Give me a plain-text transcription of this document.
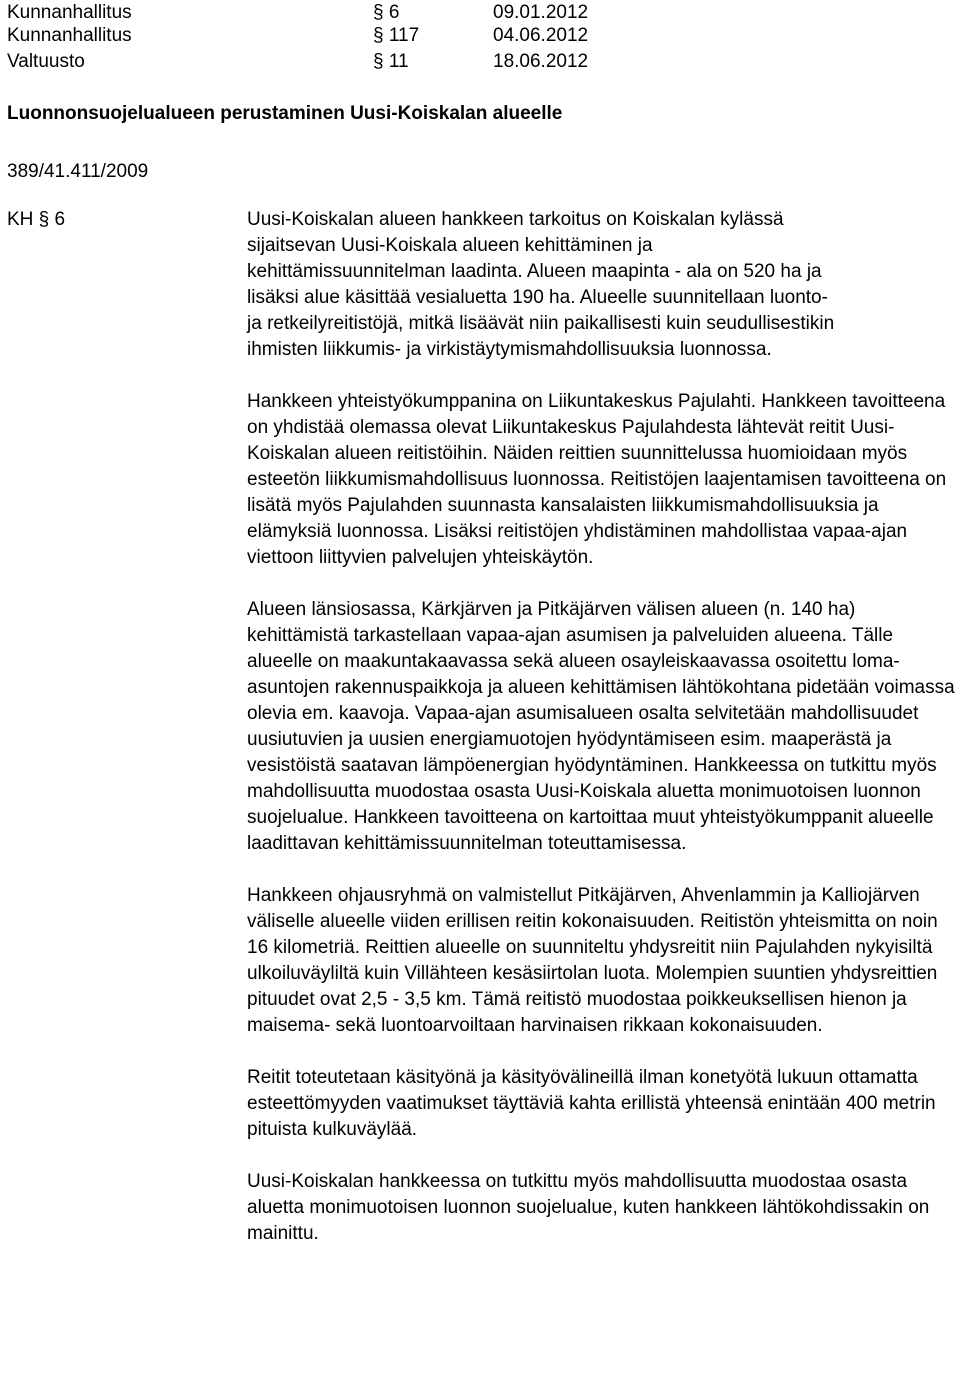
Kunnanhallitus	§ 6	09.01.2012
Kunnanhallitus	§ 117	04.06.2012
Valtuusto	§ 11	18.06.2012
Luonnonsuojelualueen perustaminen Uusi-Koiskalan alueelle
389/41.411/2009
KH § 6	Uusi-Koiskalan alueen hankkeen tarkoitus on Koiskalan kylässä
sijaitsevan Uusi-Koiskala alueen kehittäminen ja
kehittämissuunnitelman laadinta. Alueen maapinta - ala on 520 ha ja
lisäksi alue käsittää vesialuetta 190 ha. Alueelle suunnitellaan luonto-
ja retkeilyreitistöjä, mitkä lisäävät niin paikallisesti kuin seudullisestikin
ihmisten liikkumis- ja virkistäytymismahdollisuuksia luonnossa.

Hankkeen yhteistyökumppanina on Liikuntakeskus Pajulahti. Hankkeen tavoitteena on yhdistää olemassa olevat Liikuntakeskus Pajulahdesta lähtevät reitit Uusi-Koiskalan alueen reitistöihin. Näiden reittien suunnittelussa huomioidaan myös esteetön liikkumismahdollisuus luonnossa. Reitistöjen laajentamisen tavoitteena on lisätä myös Pajulahden suunnasta kansalaisten liikkumismahdollisuuksia ja elämyksiä luonnossa. Lisäksi reitistöjen yhdistäminen mahdollistaa vapaa-ajan viettoon liittyvien palvelujen yhteiskäytön.

Alueen länsiosassa, Kärkjärven ja Pitkäjärven välisen alueen (n. 140 ha) kehittämistä tarkastellaan vapaa-ajan asumisen ja palveluiden alueena. Tälle alueelle on maakuntakaavassa sekä alueen osayleiskaavassa osoitettu loma-asuntojen rakennuspaikkoja ja alueen kehittämisen lähtökohtana pidetään voimassa olevia em. kaavoja. Vapaa-ajan asumisalueen osalta selvitetään mahdollisuudet uusiutuvien ja uusien energiamuotojen hyödyntämiseen esim. maaperästä ja vesistöistä saatavan lämpöenergian hyödyntäminen. Hankkeessa on tutkittu myös mahdollisuutta muodostaa osasta Uusi-Koiskala aluetta monimuotoisen luonnon suojelualue. Hankkeen tavoitteena on kartoittaa muut yhteistyökumppanit alueelle laadittavan kehittämissuunnitelman toteuttamisessa.

Hankkeen ohjausryhmä on valmistellut Pitkäjärven, Ahvenlammin ja Kalliojärven väliselle alueelle viiden erillisen reitin kokonaisuuden. Reitistön yhteismitta on noin 16 kilometriä. Reittien alueelle on suunniteltu yhdysreitit niin Pajulahden nykyisiltä ulkoiluväyliltä kuin Villähteen kesäsiirtolan luota. Molempien suuntien yhdysreittien pituudet ovat 2,5 - 3,5 km. Tämä reitistö muodostaa poikkeuksellisen hienon ja maisema- sekä luontoarvoiltaan harvinaisen rikkaan kokonaisuuden.

Reitit toteutetaan käsityönä ja käsityövälineillä ilman konetyötä lukuun ottamatta esteettömyyden vaatimukset täyttäviä kahta erillistä yhteensä enintään 400 metrin pituista kulkuväylää.

Uusi-Koiskalan hankkeessa on tutkittu myös mahdollisuutta muodostaa osasta aluetta monimuotoisen luonnon suojelualue, kuten hankkeen lähtökohdissakin on mainittu.
